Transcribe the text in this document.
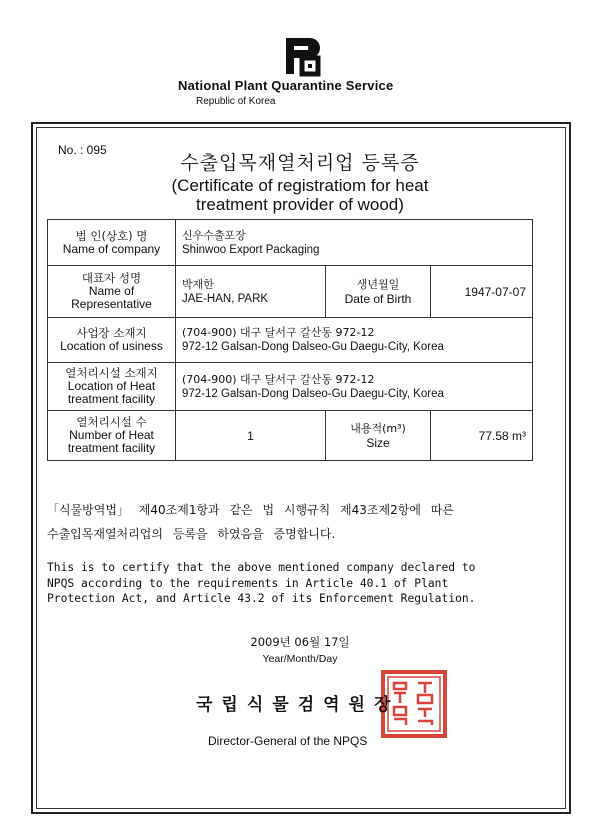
National Plant Quarantine Service
Republic of Korea
No. : 095
수출입목재열처리업 등록증
(Certificate of registratiom for heat
treatment provider of wood)
법 인(상호) 명
Name of company	신우수출포장
Shinwoo Export Packaging		

대표자 성명
Name of
Representative	박재한
JAE-HAN, PARK	생년월일
Date of Birth	1947-07-07

사업장 소재지
Location of usiness	(704-900) 대구 달서구 갈산동 972-12
972-12 Galsan-Dong Dalseo-Gu Daegu-City, Korea		

열처리시설 소재지
Location of Heat
treatment facility	(704-900) 대구 달서구 갈산동 972-12
972-12 Galsan-Dong Dalseo-Gu Daegu-City, Korea		

열처리시설 수
Number of Heat
treatment facility	1	내용적(m³)
Size	77.58 m³
「식물방역법」 제40조제1항과 같은 법 시행규칙 제43조제2항에 따른
수출입목재열처리업의 등록을 하였음을 증명합니다.
This is to certify that the above mentioned company declared to
NPQS according to the requirements in Article 40.1 of Plant
Protection Act, and Article 43.2 of its Enforcement Regulation.
2009년 06월 17일
Year/Month/Day
국립식물검역원장
Director-General of the NPQS
